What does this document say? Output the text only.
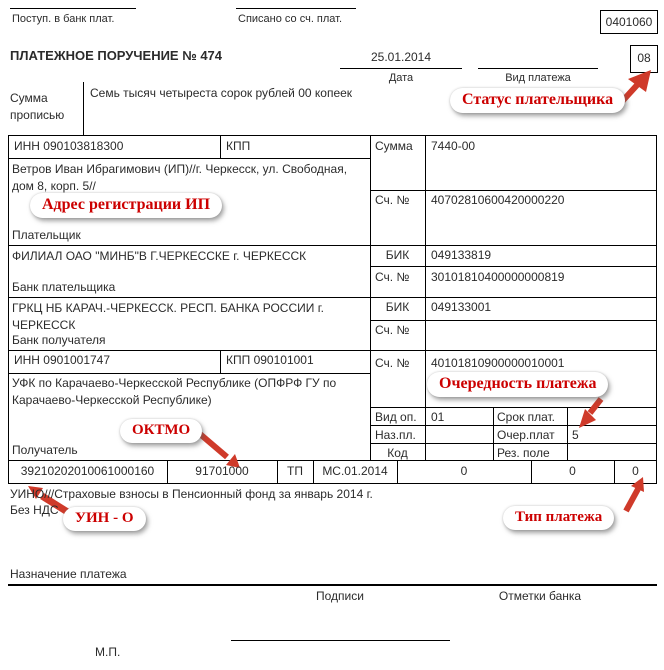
Поступ. в банк плат.	Списано со сч. плат.	0401060
ПЛАТЕЖНОЕ ПОРУЧЕНИЕ № 474	25.01.2014
Дата	Вид платежа
08
Сумма прописью
Семь тысяч четыреста сорок рублей 00 копеек
ИНН 090103818300	КПП	Сумма 7440-00
Ветров Иван Ибрагимович (ИП)//г. Черкесск, ул. Свободная, дом 8, корп. 5//
Сч. № 40702810600420000220
Плательщик
ФИЛИАЛ ОАО "МИНБ"В Г.ЧЕРКЕССКЕ г. ЧЕРКЕССК	БИК	049133819
Сч. № 30101810400000000819
Банк плательщика
ГРКЦ НБ КАРАЧ.-ЧЕРКЕССК. РЕСП. БАНКА РОССИИ г. ЧЕРКЕССК
БИК	049133001
Сч. №
Банк получателя
ИНН 0901001747	КПП 090101001	Сч. № 40101810900000010001
УФК по Карачаево-Черкесской Республике (ОПФРФ ГУ по Карачаево-Черкесской Республике)
Получатель
Вид оп. 01	Срок плат.
Наз.пл.	Очер.плат 5
Код	Рез. поле
39210202010061000160	91701000	ТП	МС.01.2014	0	0	0
УИНО///Страховые взносы в Пенсионный фонд за январь 2014 г.
Без НДС
Назначение платежа
Подписи	Отметки банка
М.П.
Статус плательщика
Адрес регистрации ИП
Очередность платежа
ОКТМО
УИН - О	Тип платежа
